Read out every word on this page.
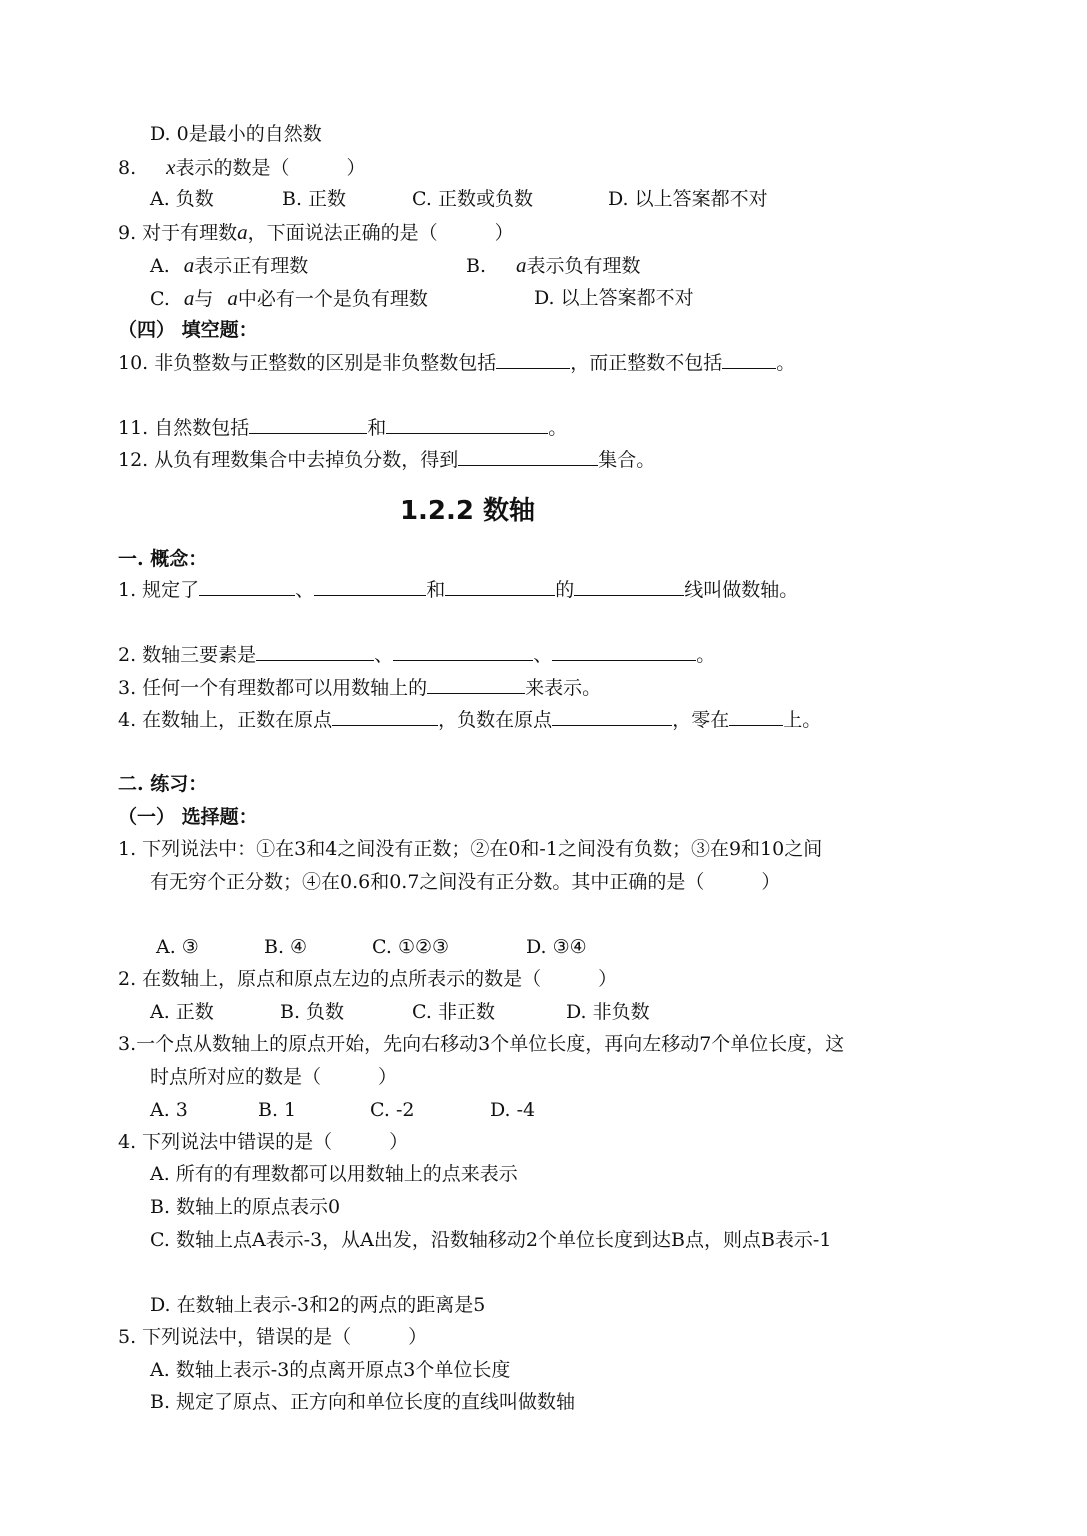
D. 0是最小的自然数
8. x表示的数是（　　　）
A. 负数	B. 正数	C. 正数或负数	D. 以上答案都不对
9. 对于有理数a，下面说法正确的是（　　　）
A. a表示正有理数	B. a表示负有理数
C. a与 a中必有一个是负有理数	D. 以上答案都不对
（四） 填空题：
10. 非负整数与正整数的区别是非负整数包括	，而正整数不包括	。
11. 自然数包括	和	。
12. 从负有理数集合中去掉负分数，得到	集合。
1.2.2 数轴
一. 概念：
1. 规定了	、	和	的	线叫做数轴。
2. 数轴三要素是	、	、	。
3. 任何一个有理数都可以用数轴上的	来表示。
4. 在数轴上，正数在原点	，负数在原点	，零在	上。
二. 练习：
（一） 选择题：
1. 下列说法中：①在3和4之间没有正数；②在0和-1之间没有负数；③在9和10之间
有无穷个正分数；④在0.6和0.7之间没有正分数。其中正确的是（　　　）
A. ③	B. ④	C. ①②③	D. ③④
2. 在数轴上，原点和原点左边的点所表示的数是（　　　）
A. 正数	B. 负数	C. 非正数	D. 非负数
3.一个点从数轴上的原点开始，先向右移动3个单位长度，再向左移动7个单位长度，这
时点所对应的数是（　　　）
A. 3	B. 1	C. -2	D. -4
4. 下列说法中错误的是（　　　）
A. 所有的有理数都可以用数轴上的点来表示
B. 数轴上的原点表示0
C. 数轴上点A表示-3，从A出发，沿数轴移动2个单位长度到达B点，则点B表示-1
D. 在数轴上表示-3和2的两点的距离是5
5. 下列说法中，错误的是（　　　）
A. 数轴上表示-3的点离开原点3个单位长度
B. 规定了原点、正方向和单位长度的直线叫做数轴
